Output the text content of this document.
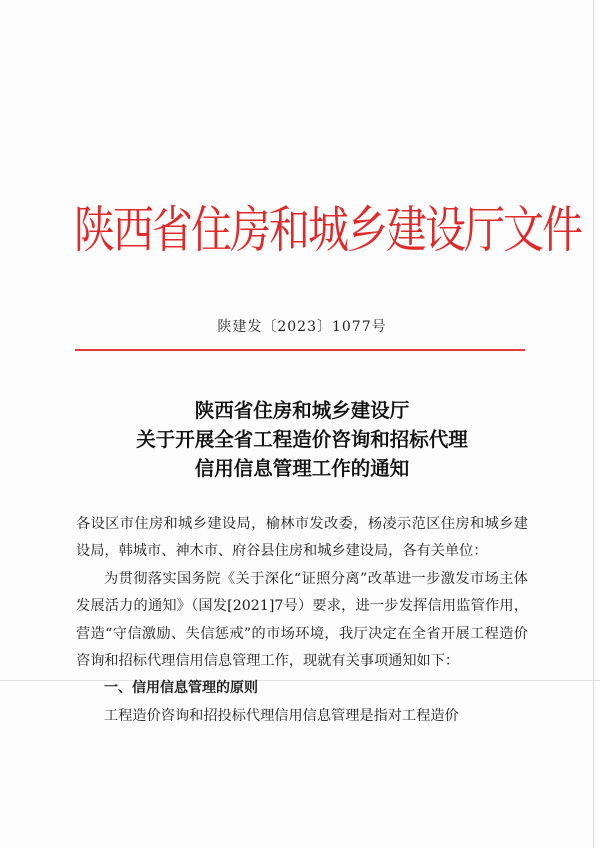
陕西省住房和城乡建设厅文件
陕建发〔2023〕1077号
陕西省住房和城乡建设厅
关于开展全省工程造价咨询和招标代理
信用信息管理工作的通知

各设区市住房和城乡建设局，榆林市发改委，杨凌示范区住房和城乡建设局，韩城市、神木市、府谷县住房和城乡建设局，各有关单位：

为贯彻落实国务院《关于深化“证照分离”改革进一步激发市场主体发展活力的通知》（国发[2021]7号）要求，进一步发挥信用监管作用，营造“守信激励、失信惩戒”的市场环境，我厅决定在全省开展工程造价咨询和招标代理信用信息管理工作，现就有关事项通知如下：

一、信用信息管理的原则

工程造价咨询和招投标代理信用信息管理是指对工程造价
